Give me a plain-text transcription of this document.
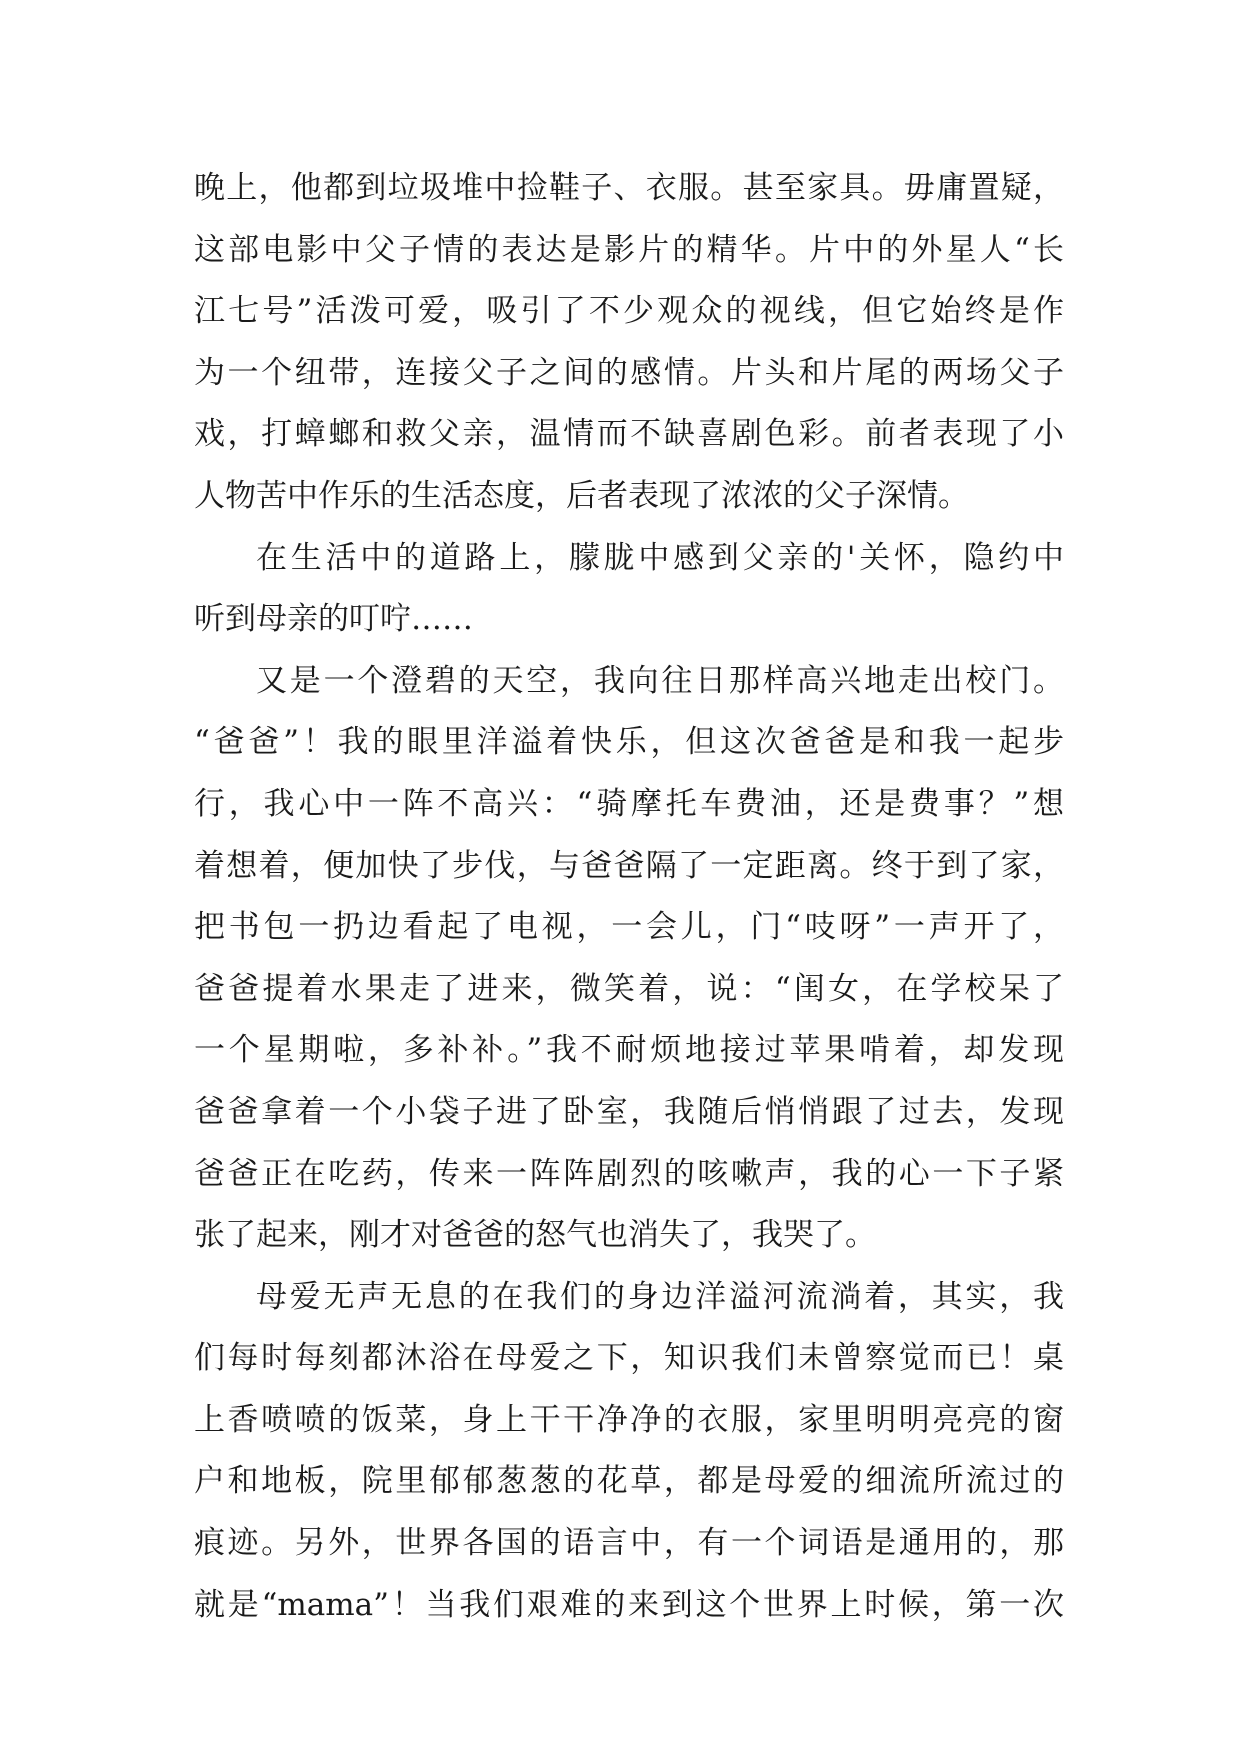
晚上，他都到垃圾堆中捡鞋子、衣服。甚至家具。毋庸置疑，
这部电影中父子情的表达是影片的精华。片中的外星人“长
江七号”活泼可爱，吸引了不少观众的视线，但它始终是作
为一个纽带，连接父子之间的感情。片头和片尾的两场父子
戏，打蟑螂和救父亲，温情而不缺喜剧色彩。前者表现了小
人物苦中作乐的生活态度，后者表现了浓浓的父子深情。
在生活中的道路上，朦胧中感到父亲的'关怀，隐约中
听到母亲的叮咛……
又是一个澄碧的天空，我向往日那样高兴地走出校门。
“爸爸”！我的眼里洋溢着快乐，但这次爸爸是和我一起步
行，我心中一阵不高兴：“骑摩托车费油，还是费事？”想
着想着，便加快了步伐，与爸爸隔了一定距离。终于到了家，
把书包一扔边看起了电视，一会儿，门“吱呀”一声开了，
爸爸提着水果走了进来，微笑着，说：“闺女，在学校呆了
一个星期啦，多补补。”我不耐烦地接过苹果啃着，却发现
爸爸拿着一个小袋子进了卧室，我随后悄悄跟了过去，发现
爸爸正在吃药，传来一阵阵剧烈的咳嗽声，我的心一下子紧
张了起来，刚才对爸爸的怒气也消失了，我哭了。
母爱无声无息的在我们的身边洋溢河流淌着，其实，我
们每时每刻都沐浴在母爱之下，知识我们未曾察觉而已！桌
上香喷喷的饭菜，身上干干净净的衣服，家里明明亮亮的窗
户和地板，院里郁郁葱葱的花草，都是母爱的细流所流过的
痕迹。另外，世界各国的语言中，有一个词语是通用的，那
就是“mama”！当我们艰难的来到这个世界上时候，第一次
